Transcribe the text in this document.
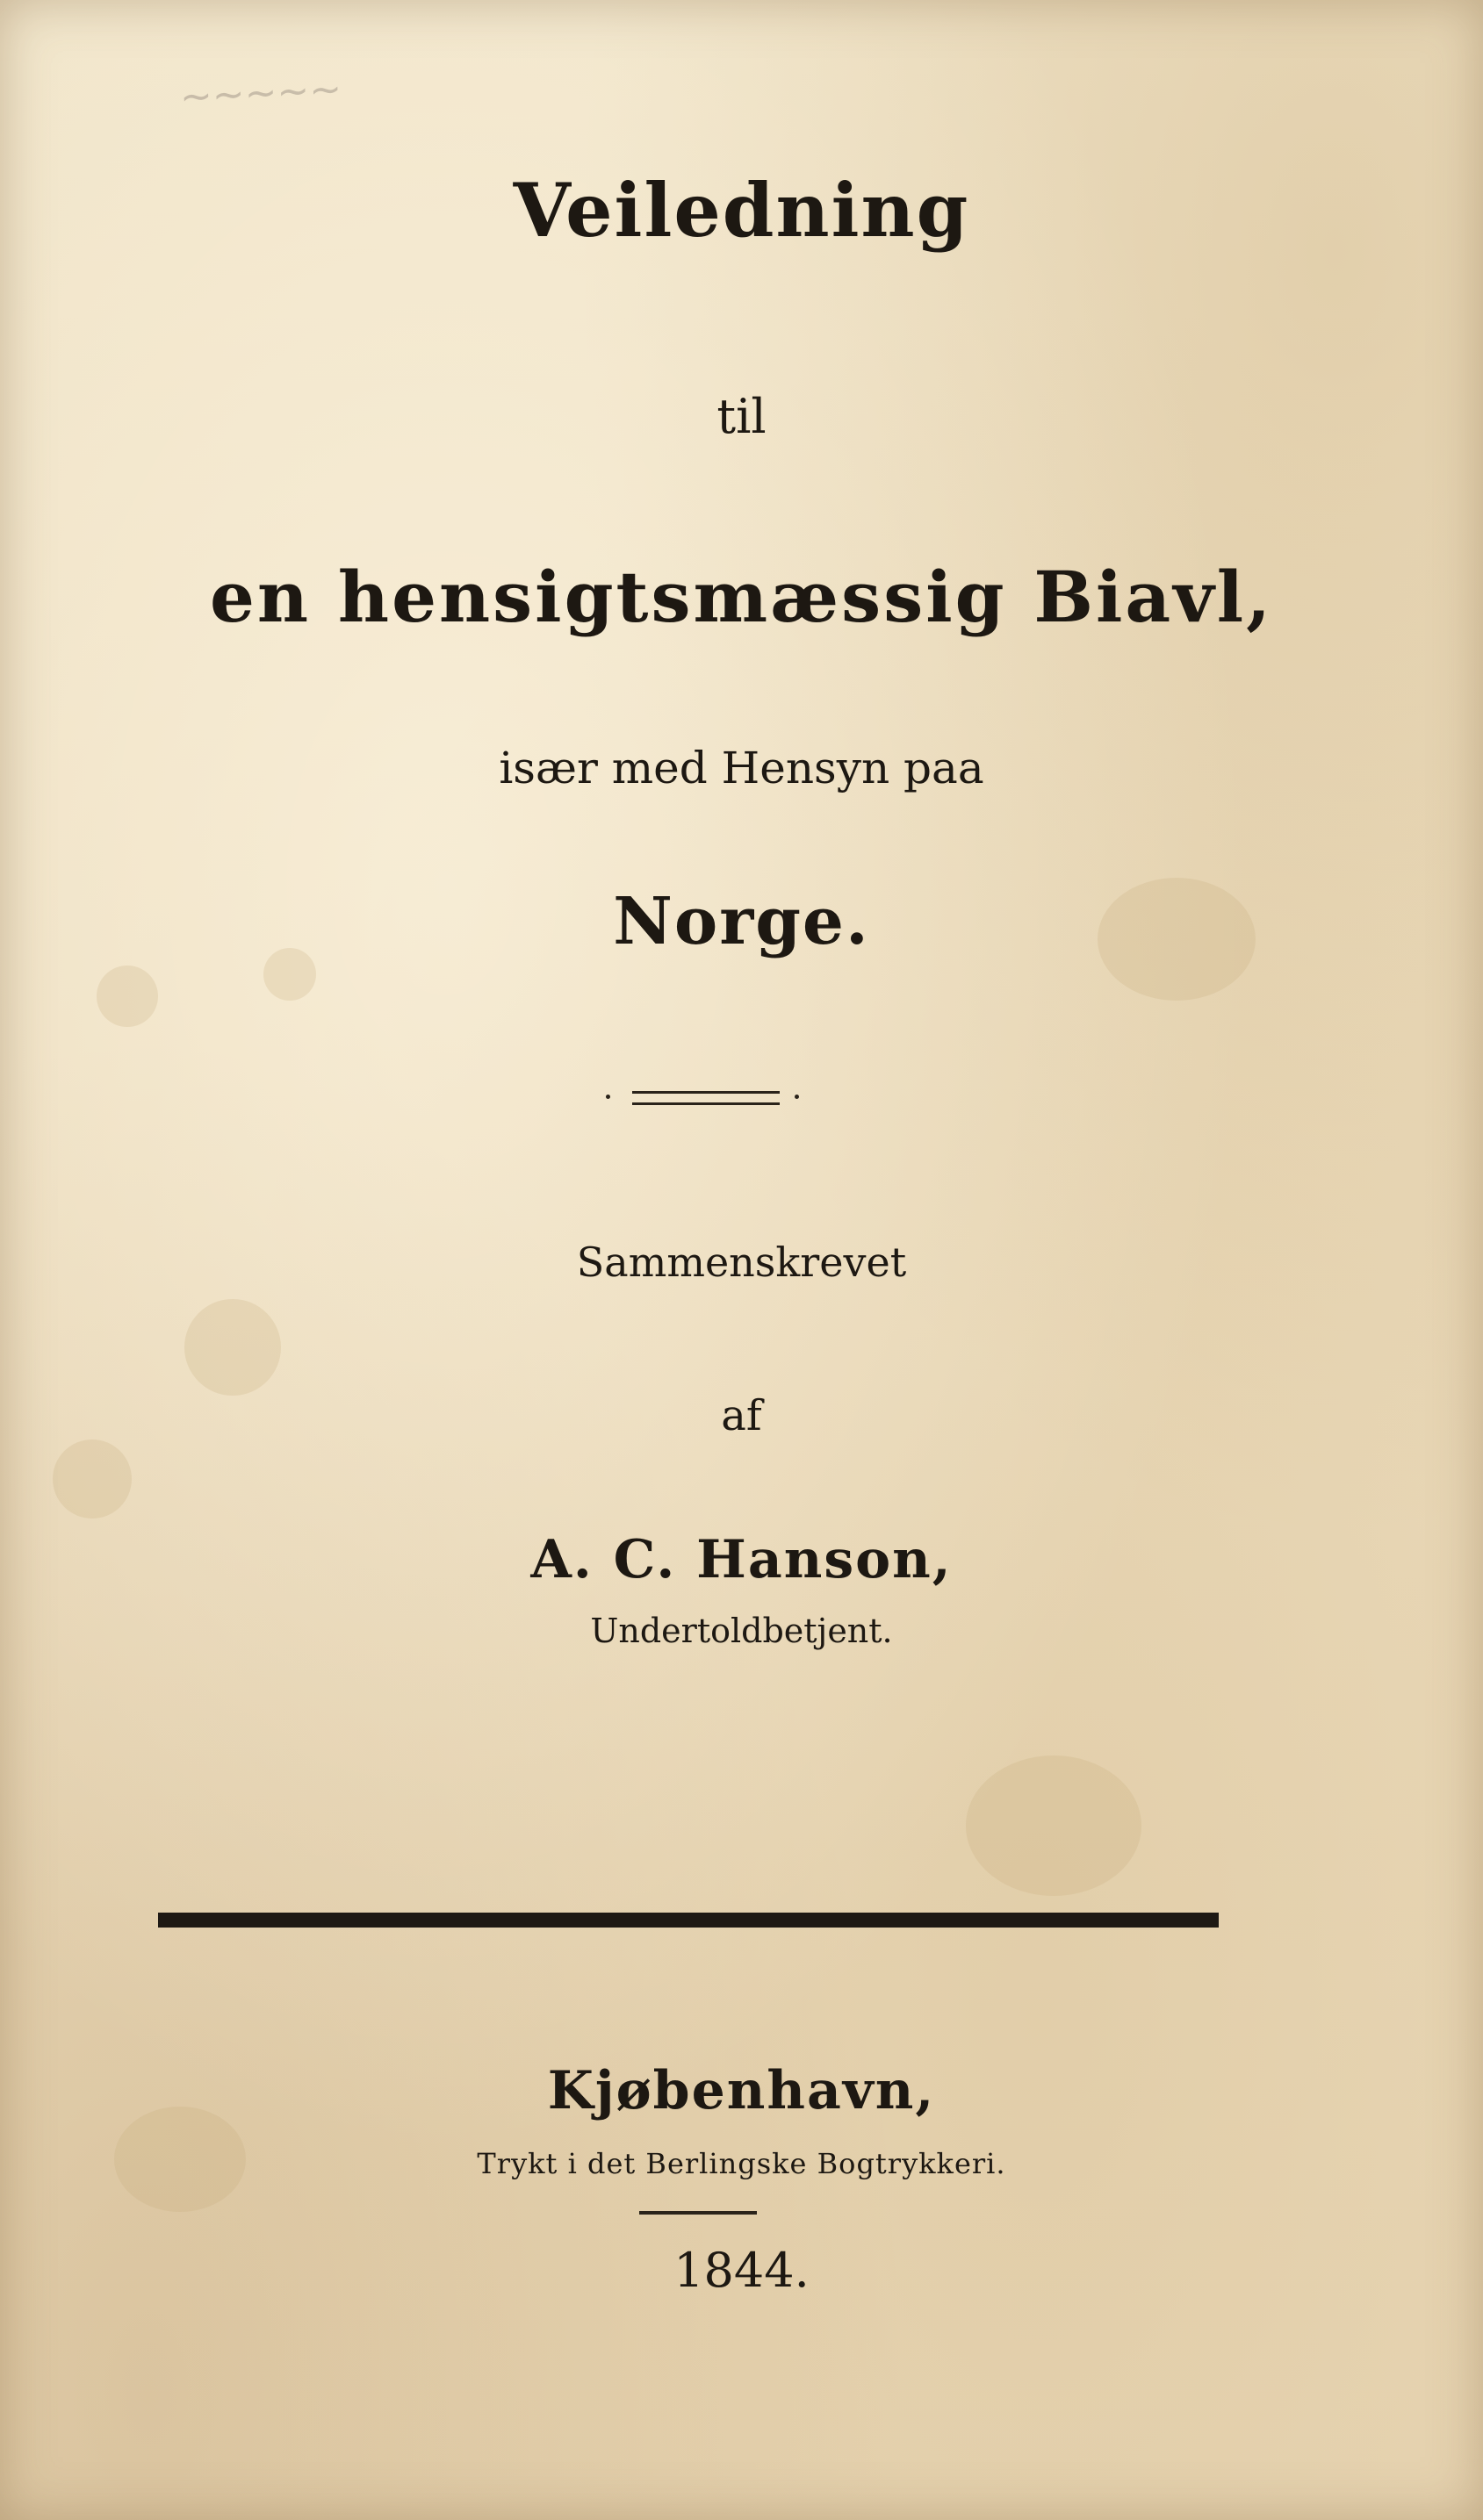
~~~~~
Veiledning
til
en hensigtsmæssig Biavl,
især med Hensyn paa
Norge.
Sammenskrevet
af
A. C. Hanson,
Undertoldbetjent.
Kjøbenhavn,
Trykt i det Berlingske Bogtrykkeri.
1844.
